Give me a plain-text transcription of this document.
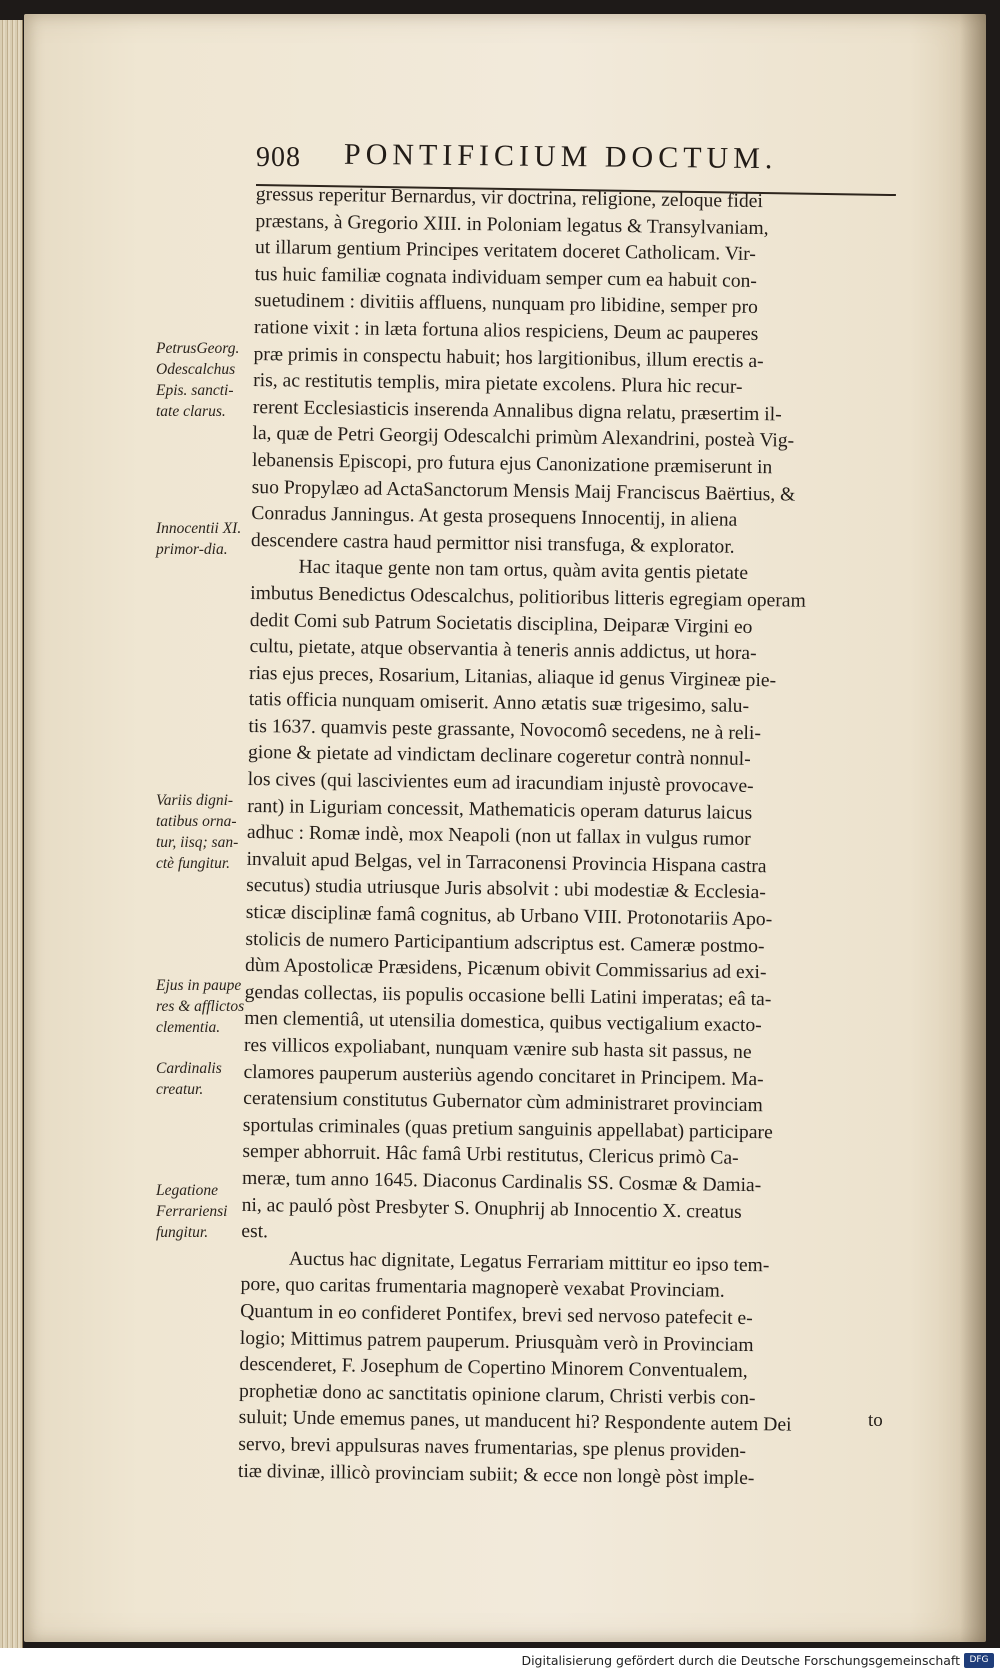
908 PONTIFICIUM DOCTUM.
PetrusGeorg. Odescalchus Epis. sancti-tate clarus.
Innocentii XI. primor-dia.
Variis digni-tatibus orna-tur, iisq; san-ctè fungitur.
Ejus in paupe res & afflictos clementia.
Cardinalis creatur.
Legatione Ferrariensi fungitur.
gressus reperitur Bernardus, vir doctrina, religione, zeloque fidei
præstans, à Gregorio XIII. in Poloniam legatus & Transylvaniam,
ut illarum gentium Principes veritatem doceret Catholicam. Vir-
tus huic familiæ cognata individuam semper cum ea habuit con-
suetudinem : divitiis affluens, nunquam pro libidine, semper pro
ratione vixit : in læta fortuna alios respiciens, Deum ac pauperes
præ primis in conspectu habuit; hos largitionibus, illum erectis a-
ris, ac restitutis templis, mira pietate excolens. Plura hic recur-
rerent Ecclesiasticis inserenda Annalibus digna relatu, præsertim il-
la, quæ de Petri Georgij Odescalchi primùm Alexandrini, posteà Vig-
lebanensis Episcopi, pro futura ejus Canonizatione præmiserunt in
suo Propylæo ad ActaSanctorum Mensis Maij Franciscus Baërtius, &
Conradus Janningus. At gesta prosequens Innocentij, in aliena
descendere castra haud permittor nisi transfuga, & explorator.
Hac itaque gente non tam ortus, quàm avita gentis pietate
imbutus Benedictus Odescalchus, politioribus litteris egregiam operam
dedit Comi sub Patrum Societatis disciplina, Deiparæ Virgini eo
cultu, pietate, atque observantia à teneris annis addictus, ut hora-
rias ejus preces, Rosarium, Litanias, aliaque id genus Virgineæ pie-
tatis officia nunquam omiserit. Anno ætatis suæ trigesimo, salu-
tis 1637. quamvis peste grassante, Novocomô secedens, ne à reli-
gione & pietate ad vindictam declinare cogeretur contrà nonnul-
los cives (qui lascivientes eum ad iracundiam injustè provocave-
rant) in Liguriam concessit, Mathematicis operam daturus laicus
adhuc : Romæ indè, mox Neapoli (non ut fallax in vulgus rumor
invaluit apud Belgas, vel in Tarraconensi Provincia Hispana castra
secutus) studia utriusque Juris absolvit : ubi modestiæ & Ecclesia-
sticæ disciplinæ famâ cognitus, ab Urbano VIII. Protonotariis Apo-
stolicis de numero Participantium adscriptus est. Cameræ postmo-
dùm Apostolicæ Præsidens, Picænum obivit Commissarius ad exi-
gendas collectas, iis populis occasione belli Latini imperatas; eâ ta-
men clementiâ, ut utensilia domestica, quibus vectigalium exacto-
res villicos expoliabant, nunquam vænire sub hasta sit passus, ne
clamores pauperum austeriùs agendo concitaret in Principem. Ma-
ceratensium constitutus Gubernator cùm administraret provinciam
sportulas criminales (quas pretium sanguinis appellabat) participare
semper abhorruit. Hâc famâ Urbi restitutus, Clericus primò Ca-
meræ, tum anno 1645. Diaconus Cardinalis SS. Cosmæ & Damia-
ni, ac pauló pòst Presbyter S. Onuphrij ab Innocentio X. creatus
est.
Auctus hac dignitate, Legatus Ferrariam mittitur eo ipso tem-
pore, quo caritas frumentaria magnoperè vexabat Provinciam.
Quantum in eo confideret Pontifex, brevi sed nervoso patefecit e-
logio; Mittimus patrem pauperum. Priusquàm verò in Provinciam
descenderet, F. Josephum de Copertino Minorem Conventualem,
prophetiæ dono ac sanctitatis opinione clarum, Christi verbis con-
suluit; Unde ememus panes, ut manducent hi? Respondente autem Dei
servo, brevi appulsuras naves frumentarias, spe plenus providen-
tiæ divinæ, illicò provinciam subiit; & ecce non longè pòst imple-
to
Digitalisierung gefördert durch die Deutsche Forschungsgemeinschaft	DFG
